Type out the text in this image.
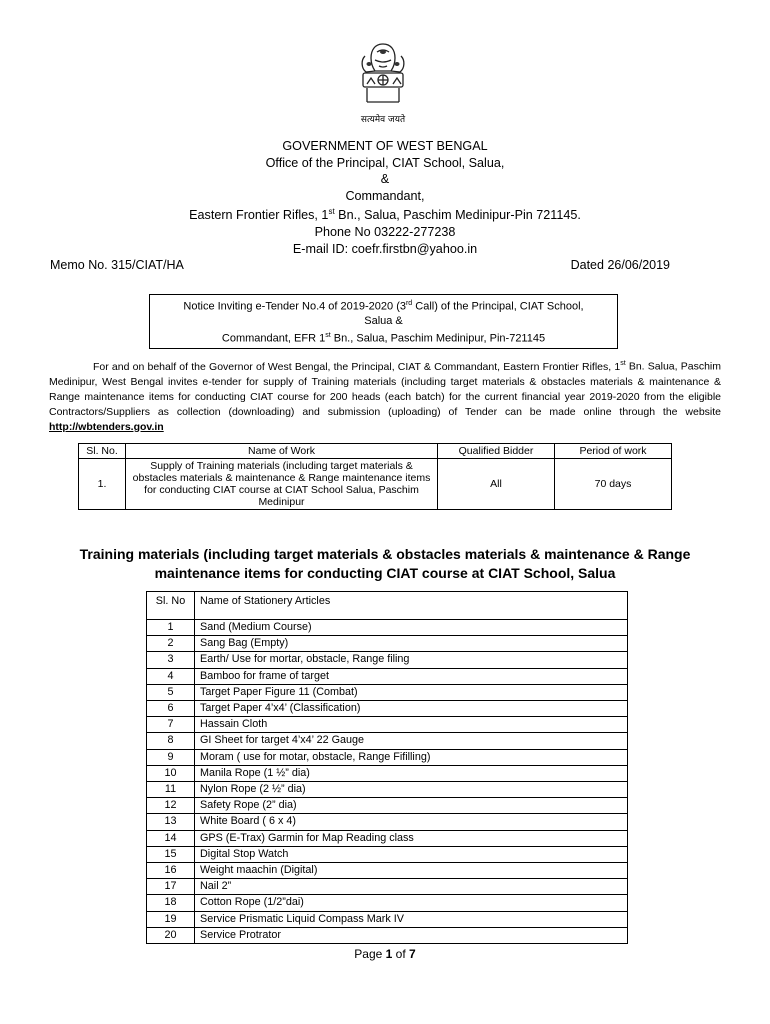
सत्यमेव जयते
GOVERNMENT OF WEST BENGAL
Office of the Principal, CIAT School, Salua,
&
Commandant,
Eastern Frontier Rifles, 1st Bn., Salua, Paschim Medinipur-Pin 721145.
Phone No 03222-277238
E-mail ID: coefr.firstbn@yahoo.in
Memo No. 315/CIAT/HA	Dated 26/06/2019
Notice Inviting e-Tender No.4 of 2019-2020 (3rd Call) of the Principal, CIAT School,
Salua &
Commandant, EFR 1st Bn., Salua, Paschim Medinipur, Pin-721145
For and on behalf of the Governor of West Bengal, the Principal, CIAT & Commandant, Eastern Frontier Rifles, 1st Bn. Salua, Paschim Medinipur, West Bengal invites e-tender for supply of Training materials (including target materials & obstacles materials & maintenance & Range maintenance items for conducting CIAT course for 200 heads (each batch) for the current financial year 2019-2020 from the eligible Contractors/Suppliers as collection (downloading) and submission (uploading) of Tender can be made online through the website http://wbtenders.gov.in
Sl. No.	Name of Work	Qualified Bidder	Period of work
1.	Supply of Training materials (including target materials & obstacles materials & maintenance & Range maintenance items for conducting CIAT course at CIAT School Salua, Paschim Medinipur	All	70 days
Training materials (including target materials & obstacles materials & maintenance & Range
maintenance items for conducting CIAT course at CIAT School, Salua
Sl. No	Name of Stationery Articles
1	Sand (Medium Course)
2	Sang Bag (Empty)
3	Earth/ Use for mortar, obstacle, Range filing
4	Bamboo for frame of target
5	Target Paper Figure 11 (Combat)
6	Target Paper 4’x4’ (Classification)
7	Hassain Cloth
8	GI Sheet for target 4’x4’ 22 Gauge
9	Moram ( use for motar, obstacle, Range Fifilling)
10	Manila Rope (1 ½” dia)
11	Nylon Rope (2 ½” dia)
12	Safety Rope (2” dia)
13	White Board ( 6 x 4)
14	GPS (E-Trax) Garmin for Map Reading class
15	Digital Stop Watch
16	Weight maachin (Digital)
17	Nail 2”
18	Cotton Rope (1/2”dai)
19	Service Prismatic Liquid Compass Mark IV
20	Service Protrator
Page 1 of 7
